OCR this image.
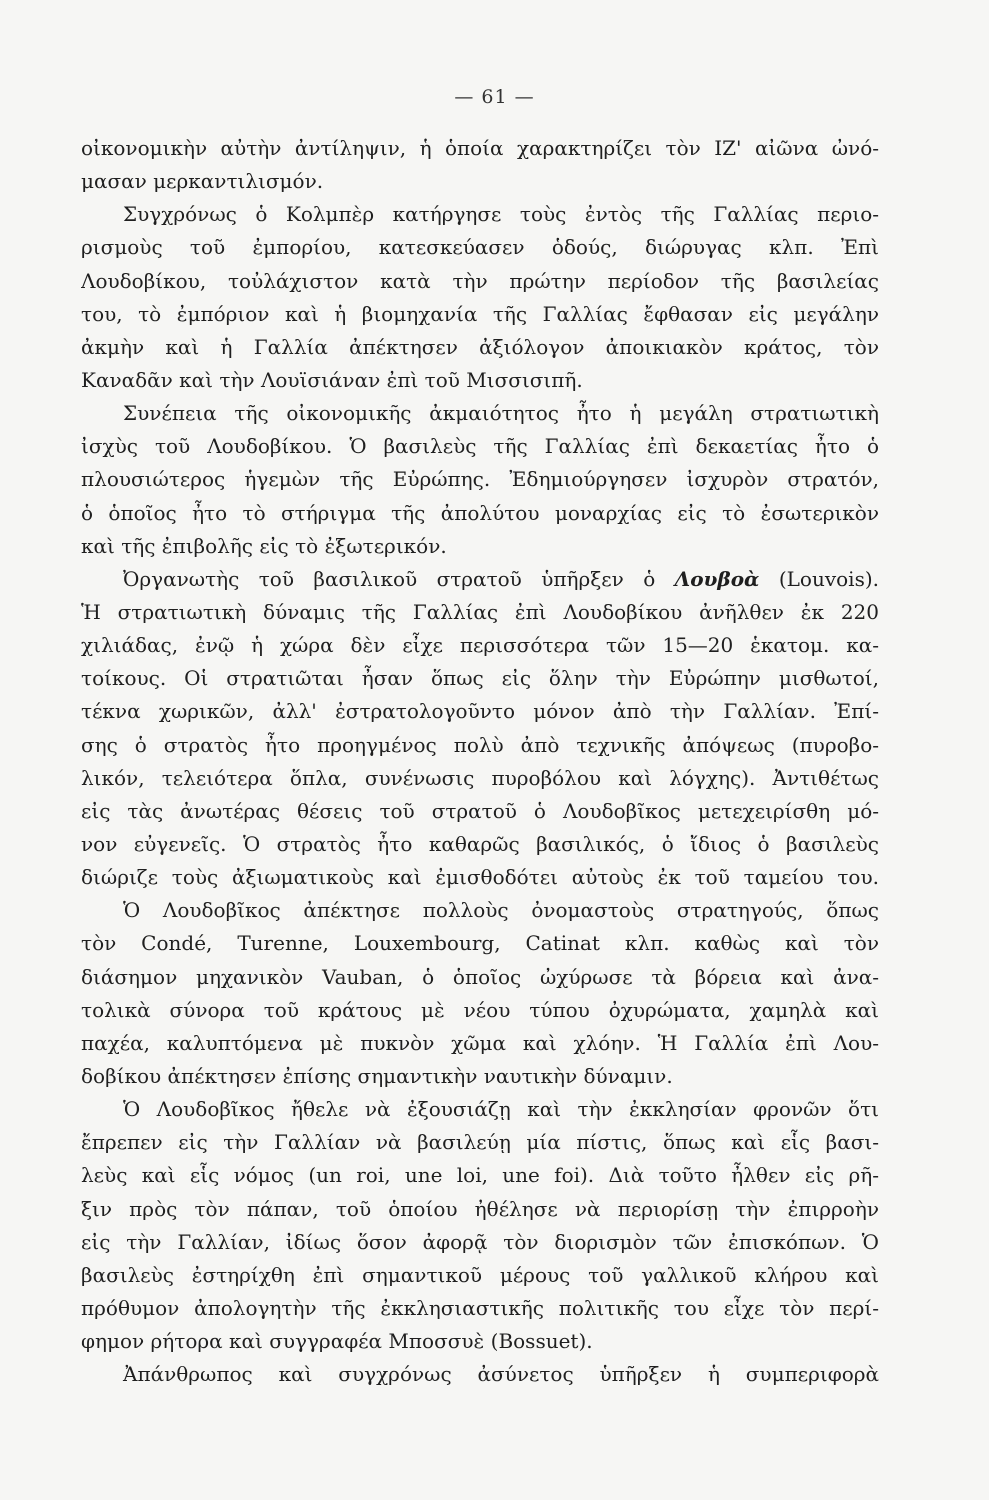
— 61 —
οἰκονομικὴν αὐτὴν ἀντίληψιν, ἡ ὁποία χαρακτηρίζει τὸν ΙΖ' αἰῶνα ὠνό-
μασαν μερκαντιλισμόν.
Συγχρόνως ὁ Κολμπὲρ κατήργησε τοὺς ἐντὸς τῆς Γαλλίας περιο-
ρισμοὺς τοῦ ἐμπορίου, κατεσκεύασεν ὁδούς, διώρυγας κλπ. Ἐπὶ
Λουδοβίκου, τοὐλάχιστον κατὰ τὴν πρώτην περίοδον τῆς βασιλείας
του, τὸ ἐμπόριον καὶ ἡ βιομηχανία τῆς Γαλλίας ἔφθασαν εἰς μεγάλην
ἀκμὴν καὶ ἡ Γαλλία ἀπέκτησεν ἀξιόλογον ἀποικιακὸν κράτος, τὸν
Καναδᾶν καὶ τὴν Λουϊσιάναν ἐπὶ τοῦ Μισσισιπῆ.
Συνέπεια τῆς οἰκονομικῆς ἀκμαιότητος ἦτο ἡ μεγάλη στρατιωτικὴ
ἰσχὺς τοῦ Λουδοβίκου. Ὁ βασιλεὺς τῆς Γαλλίας ἐπὶ δεκαετίας ἦτο ὁ
πλουσιώτερος ἡγεμὼν τῆς Εὐρώπης. Ἐδημιούργησεν ἰσχυρὸν στρατόν,
ὁ ὁποῖος ἦτο τὸ στήριγμα τῆς ἀπολύτου μοναρχίας εἰς τὸ ἐσωτερικὸν
καὶ τῆς ἐπιβολῆς εἰς τὸ ἐξωτερικόν.
Ὀργανωτὴς τοῦ βασιλικοῦ στρατοῦ ὑπῆρξεν ὁ Λουβοὰ (Louvois).
Ἡ στρατιωτικὴ δύναμις τῆς Γαλλίας ἐπὶ Λουδοβίκου ἀνῆλθεν ἐκ 220
χιλιάδας, ἐνῷ ἡ χώρα δὲν εἶχε περισσότερα τῶν 15—20 ἑκατομ. κα-
τοίκους. Οἱ στρατιῶται ἦσαν ὅπως εἰς ὅλην τὴν Εὐρώπην μισθωτοί,
τέκνα χωρικῶν, ἀλλ' ἐστρατολογοῦντο μόνον ἀπὸ τὴν Γαλλίαν. Ἐπί-
σης ὁ στρατὸς ἦτο προηγμένος πολὺ ἀπὸ τεχνικῆς ἀπόψεως (πυροβο-
λικόν, τελειότερα ὅπλα, συνένωσις πυροβόλου καὶ λόγχης). Ἀντιθέτως
εἰς τὰς ἀνωτέρας θέσεις τοῦ στρατοῦ ὁ Λουδοβῖκος μετεχειρίσθη μό-
νον εὐγενεῖς. Ὁ στρατὸς ἦτο καθαρῶς βασιλικός, ὁ ἴδιος ὁ βασιλεὺς
διώριζε τοὺς ἀξιωματικοὺς καὶ ἐμισθοδότει αὐτοὺς ἐκ τοῦ ταμείου του.
Ὁ Λουδοβῖκος ἀπέκτησε πολλοὺς ὀνομαστοὺς στρατηγούς, ὅπως
τὸν Condé, Turenne, Louxembourg, Catinat κλπ. καθὼς καὶ τὸν
διάσημον μηχανικὸν Vauban, ὁ ὁποῖος ὠχύρωσε τὰ βόρεια καὶ ἀνα-
τολικὰ σύνορα τοῦ κράτους μὲ νέου τύπου ὀχυρώματα, χαμηλὰ καὶ
παχέα, καλυπτόμενα μὲ πυκνὸν χῶμα καὶ χλόην. Ἡ Γαλλία ἐπὶ Λου-
δοβίκου ἀπέκτησεν ἐπίσης σημαντικὴν ναυτικὴν δύναμιν.
Ὁ Λουδοβῖκος ἤθελε νὰ ἐξουσιάζῃ καὶ τὴν ἐκκλησίαν φρονῶν ὅτι
ἔπρεπεν εἰς τὴν Γαλλίαν νὰ βασιλεύῃ μία πίστις, ὅπως καὶ εἷς βασι-
λεὺς καὶ εἷς νόμος (un roi, une loi, une foi). Διὰ τοῦτο ἦλθεν εἰς ρῆ-
ξιν πρὸς τὸν πάπαν, τοῦ ὁποίου ἠθέλησε νὰ περιορίσῃ τὴν ἐπιρροὴν
εἰς τὴν Γαλλίαν, ἰδίως ὅσον ἀφορᾷ τὸν διορισμὸν τῶν ἐπισκόπων. Ὁ
βασιλεὺς ἐστηρίχθη ἐπὶ σημαντικοῦ μέρους τοῦ γαλλικοῦ κλήρου καὶ
πρόθυμον ἀπολογητὴν τῆς ἐκκλησιαστικῆς πολιτικῆς του εἶχε τὸν περί-
φημον ρήτορα καὶ συγγραφέα Μποσσυὲ (Bossuet).
Ἀπάνθρωπος καὶ συγχρόνως ἀσύνετος ὑπῆρξεν ἡ συμπεριφορὰ
